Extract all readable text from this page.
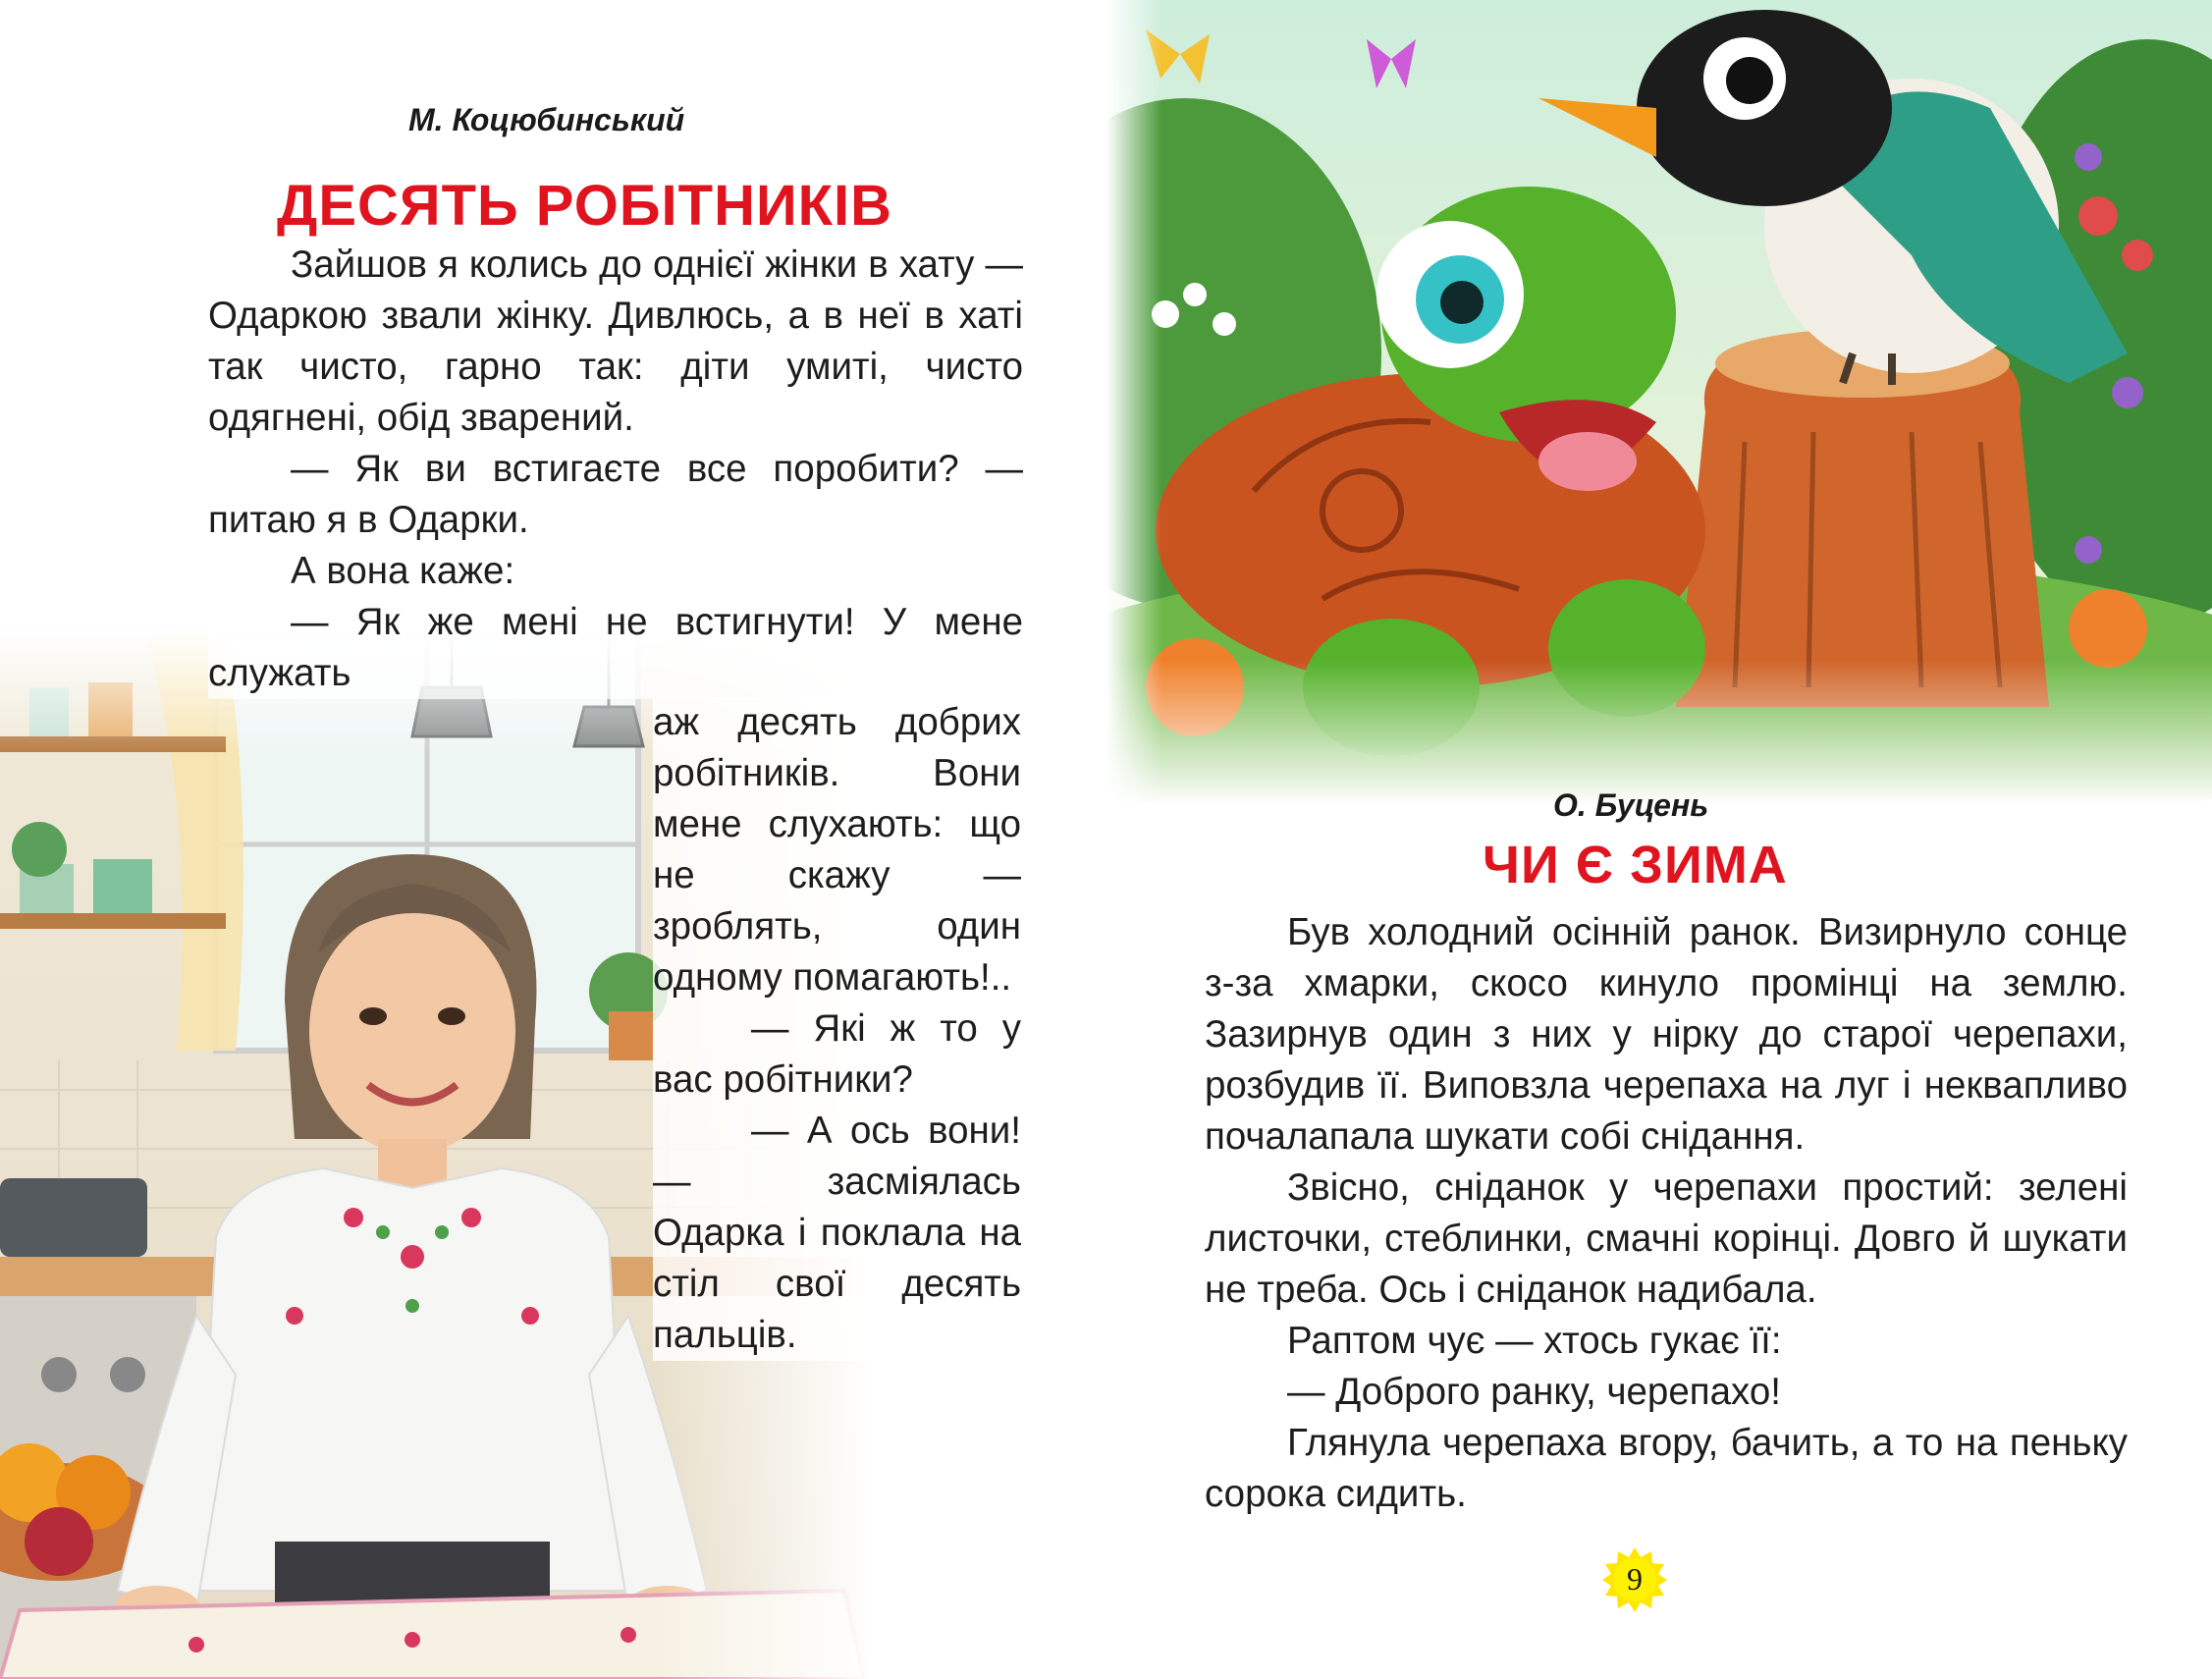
М. Коцюбинський
ДЕСЯТЬ РОБІТНИКІВ

Зайшов я колись до однієї жінки в хату — Одаркою звали жінку. Дивлюсь, а в неї в хаті так чисто, гарно так: діти умиті, чисто одягнені, обід зварений.

— Як ви встигаєте все поробити? — питаю я в Одарки.

А вона каже:

— Як же мені не встигнути! У мене служать

аж десять добрих робітників. Вони мене слухають: що не скажу — зроблять, один одному помагають!..

— Які ж то у вас робітники?

— А ось вони! — засміялась Одарка і поклала на стіл свої десять пальців.

О. Буцень
ЧИ Є ЗИМА

Був холодний осінній ранок. Визирнуло сонце з-за хмарки, скосо кинуло промінці на землю. Зазирнув один з них у нірку до старої черепахи, розбудив її. Виповзла черепаха на луг і неквапливо почалапала шукати собі снідання.

Звісно, сніданок у черепахи простий: зелені листочки, стеблинки, смачні корінці. Довго й шукати не треба. Ось і сніданок надибала.

Раптом чує — хтось гукає її:

— Доброго ранку, черепахо!

Глянула черепаха вгору, бачить, а то на пеньку сорока сидить.

9
